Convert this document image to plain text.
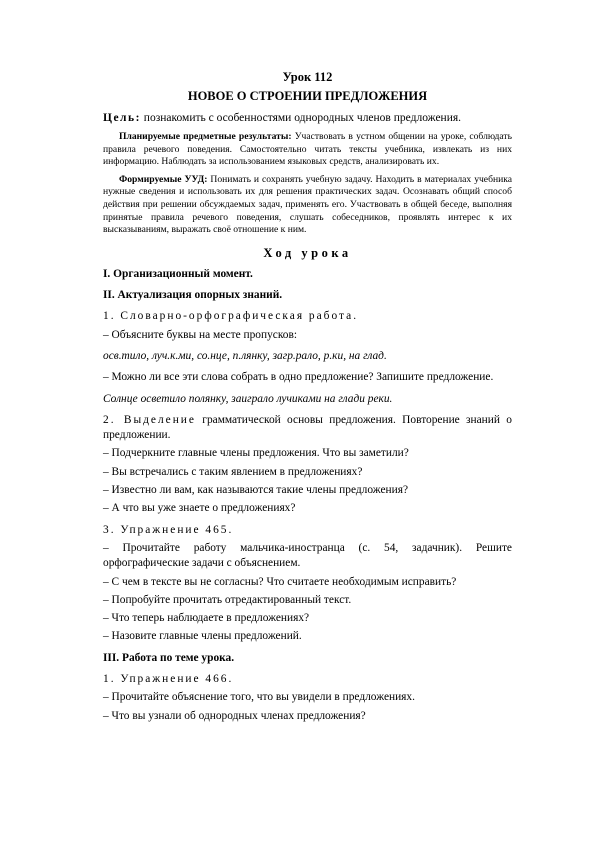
Урок 112
НОВОЕ О СТРОЕНИИ ПРЕДЛОЖЕНИЯ
Цель: познакомить с особенностями однородных членов предложения.
Планируемые предметные результаты: Участвовать в устном общении на уроке, соблюдать правила речевого поведения. Самостоятельно читать тексты учебника, извлекать из них информацию. Наблюдать за использованием языковых средств, анализировать их.
Формируемые УУД: Понимать и сохранять учебную задачу. Находить в материалах учебника нужные сведения и использовать их для решения практических задач. Осознавать общий способ действия при решении обсуждаемых задач, применять его. Участвовать в общей беседе, выполняя принятые правила речевого поведения, слушать собеседников, проявлять интерес к их высказываниям, выражать своё отношение к ним.
Ход урока
I. Организационный момент.
II. Актуализация опорных знаний.
1. Словарно-орфографическая работа.
– Объясните буквы на месте пропусков:
осв.тило, луч.к.ми, со.нце, п.лянку, загр.рало, р.ки, на глад.
– Можно ли все эти слова собрать в одно предложение? Запишите предложение.
Солнце осветило полянку, заиграло лучиками на глади реки.
2. Выделение грамматической основы предложения. Повторение знаний о предложении.
– Подчеркните главные члены предложения. Что вы заметили?
– Вы встречались с таким явлением в предложениях?
– Известно ли вам, как называются такие члены предложения?
– А что вы уже знаете о предложениях?
3. Упражнение 465.
– Прочитайте работу мальчика-иностранца (с. 54, задачник). Решите орфографические задачи с объяснением.
– С чем в тексте вы не согласны? Что считаете необходимым исправить?
– Попробуйте прочитать отредактированный текст.
– Что теперь наблюдаете в предложениях?
– Назовите главные члены предложений.
III. Работа по теме урока.
1. Упражнение 466.
– Прочитайте объяснение того, что вы увидели в предложениях.
– Что вы узнали об однородных членах предложения?
